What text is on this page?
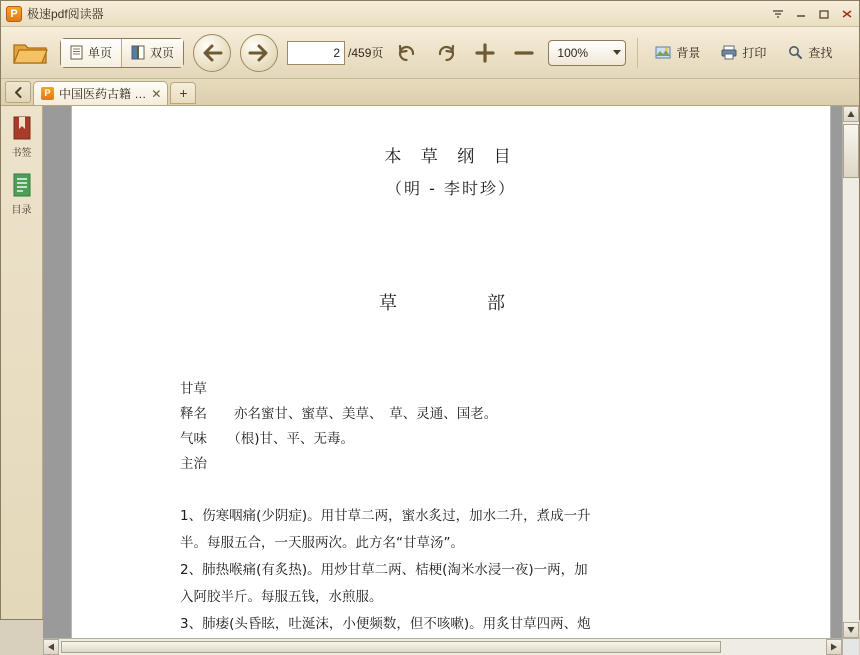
P 极速pdf阅读器
单页	双页
2	/459页	100%	背景	打印	查找
P 中国医药古籍 … ✕	+
书签
目录
本 草 纲 目
（明 - 李时珍）
草　　部
甘草
释名　　亦名蜜甘、蜜草、美草、　草、灵通、国老。
气味　　（根)甘、平、无毒。
主治

1、伤寒咽痛(少阴症)。用甘草二两，蜜水炙过，加水二升，煮成一升

半。每服五合，一天服两次。此方名“甘草汤”。

2、肺热喉痛(有炙热)。用炒甘草二两、桔梗(淘米水浸一夜)一两，加

入阿胶半斤。每服五钱，水煎服。

3、肺痿(头昏眩，吐涎沫，小便频数，但不咳嗽)。用炙甘草四两、炮
